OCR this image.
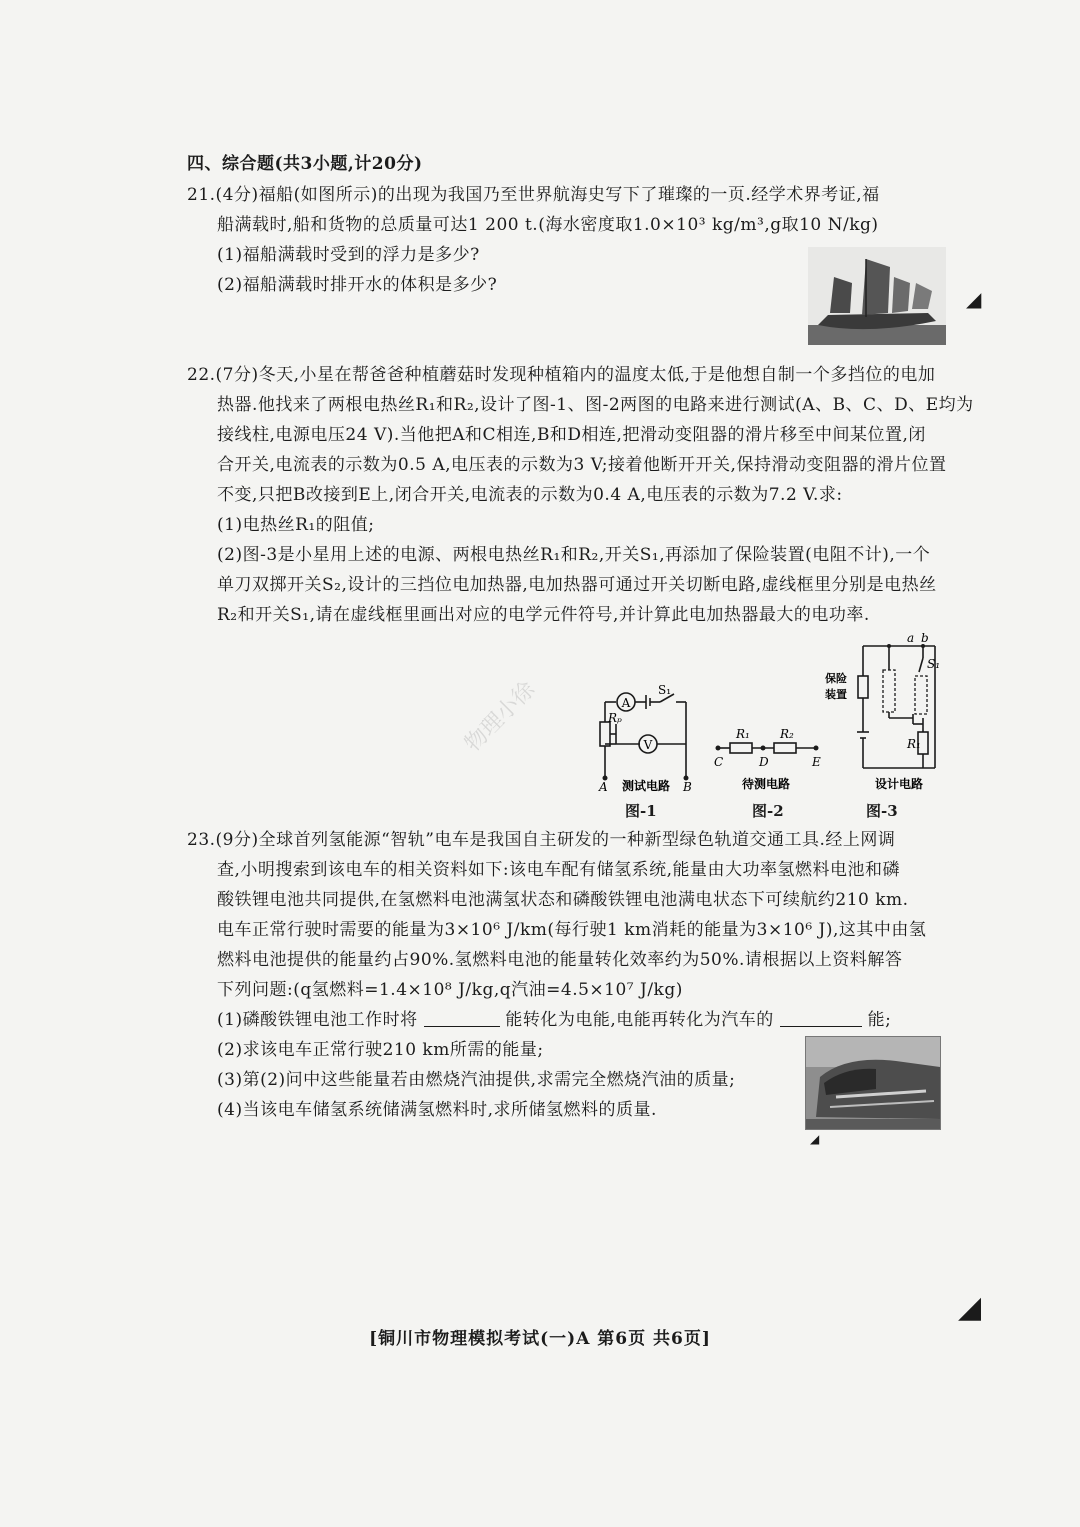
四、综合题(共3小题,计20分)
21.(4分)福船(如图所示)的出现为我国乃至世界航海史写下了璀璨的一页.经学术界考证,福
船满载时,船和货物的总质量可达1 200 t.(海水密度取1.0×10³ kg/m³,g取10 N/kg)
(1)福船满载时受到的浮力是多少?
(2)福船满载时排开水的体积是多少?
◢
22.(7分)冬天,小星在帮爸爸种植蘑菇时发现种植箱内的温度太低,于是他想自制一个多挡位的电加
热器.他找来了两根电热丝R₁和R₂,设计了图-1、图-2两图的电路来进行测试(A、B、C、D、E均为
接线柱,电源电压24 V).当他把A和C相连,B和D相连,把滑动变阻器的滑片移至中间某位置,闭
合开关,电流表的示数为0.5 A,电压表的示数为3 V;接着他断开开关,保持滑动变阻器的滑片位置
不变,只把B改接到E上,闭合开关,电流表的示数为0.4 A,电压表的示数为7.2 V.求:
(1)电热丝R₁的阻值;
(2)图-3是小星用上述的电源、两根电热丝R₁和R₂,开关S₁,再添加了保险装置(电阻不计),一个
单刀双掷开关S₂,设计的三挡位电加热器,电加热器可通过开关切断电路,虚线框里分别是电热丝
R₂和开关S₁,请在虚线框里画出对应的电学元件符号,并计算此电加热器最大的电功率.
A
V
S₁
Rₚ
A	B
测试电路
图-1
R₁	R₂
C	D	E
待测电路
图-2
a b
S₁
R₁
保险
装置
设计电路
图-3
23.(9分)全球首列氢能源“智轨”电车是我国自主研发的一种新型绿色轨道交通工具.经上网调
查,小明搜索到该电车的相关资料如下:该电车配有储氢系统,能量由大功率氢燃料电池和磷
酸铁锂电池共同提供,在氢燃料电池满氢状态和磷酸铁锂电池满电状态下可续航约210 km.
电车正常行驶时需要的能量为3×10⁶ J/km(每行驶1 km消耗的能量为3×10⁶ J),这其中由氢
燃料电池提供的能量约占90%.氢燃料电池的能量转化效率约为50%.请根据以上资料解答
下列问题:(q氢燃料=1.4×10⁸ J/kg,q汽油=4.5×10⁷ J/kg)
(1)磷酸铁锂电池工作时将	能转化为电能,电能再转化为汽车的	能;
(2)求该电车正常行驶210 km所需的能量;
(3)第(2)问中这些能量若由燃烧汽油提供,求需完全燃烧汽油的质量;
(4)当该电车储氢系统储满氢燃料时,求所储氢燃料的质量.
◢
◢
[铜川市物理模拟考试(一)A 第6页 共6页]
物理小徐
